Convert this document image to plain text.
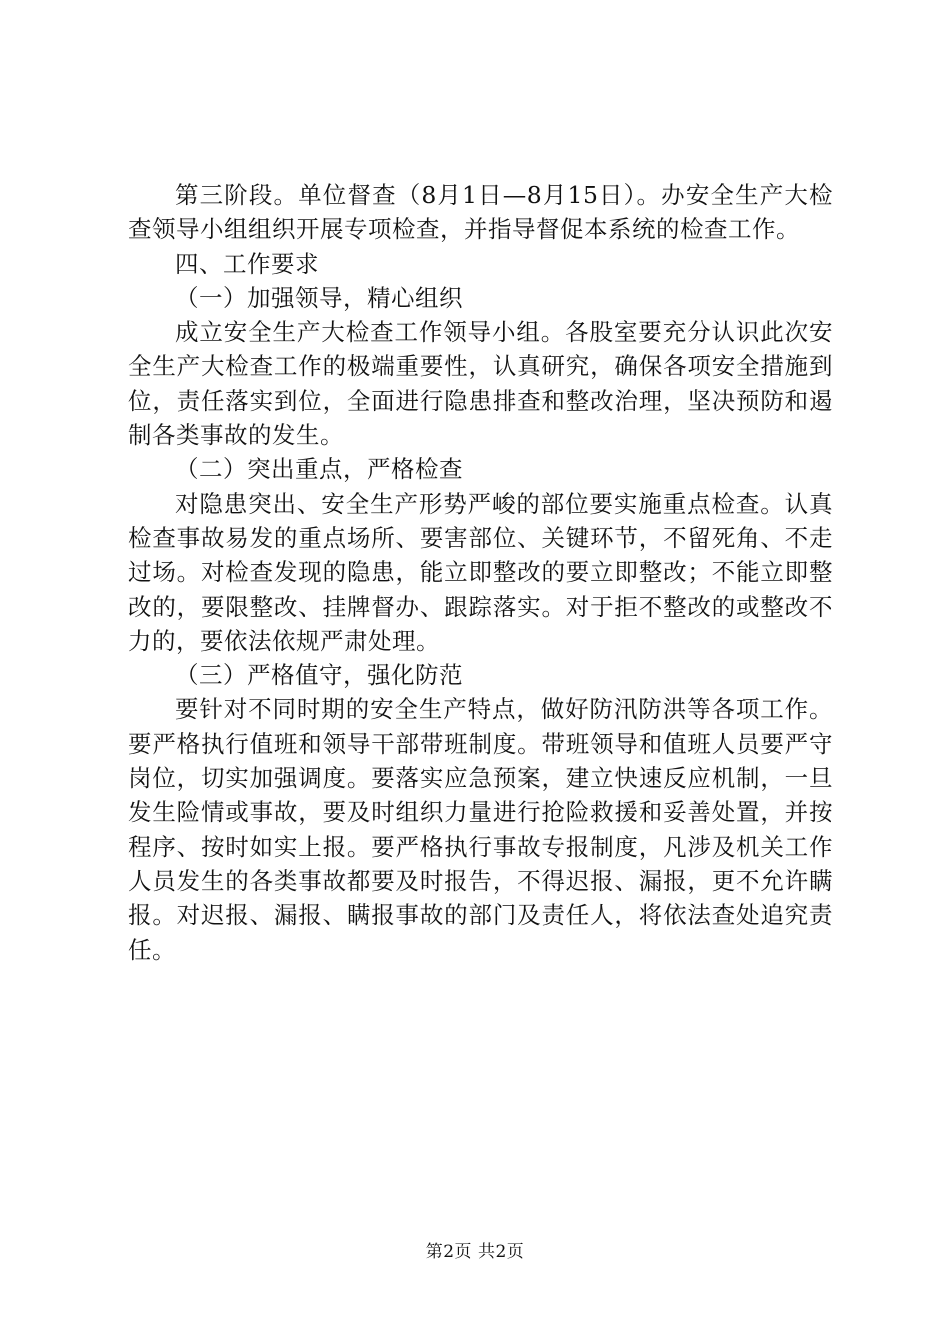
第三阶段。单位督查（8月1日—8月15日）。办安全生产大检查领导小组组织开展专项检查，并指导督促本系统的检查工作。

四、工作要求

（一）加强领导，精心组织

成立安全生产大检查工作领导小组。各股室要充分认识此次安全生产大检查工作的极端重要性，认真研究，确保各项安全措施到位，责任落实到位，全面进行隐患排查和整改治理，坚决预防和遏制各类事故的发生。

（二）突出重点，严格检查

对隐患突出、安全生产形势严峻的部位要实施重点检查。认真检查事故易发的重点场所、要害部位、关键环节，不留死角、不走过场。对检查发现的隐患，能立即整改的要立即整改；不能立即整改的，要限整改、挂牌督办、跟踪落实。对于拒不整改的或整改不力的，要依法依规严肃处理。

（三）严格值守，强化防范

要针对不同时期的安全生产特点，做好防汛防洪等各项工作。要严格执行值班和领导干部带班制度。带班领导和值班人员要严守岗位，切实加强调度。要落实应急预案，建立快速反应机制，一旦发生险情或事故，要及时组织力量进行抢险救援和妥善处置，并按程序、按时如实上报。要严格执行事故专报制度，凡涉及机关工作人员发生的各类事故都要及时报告，不得迟报、漏报，更不允许瞒报。对迟报、漏报、瞒报事故的部门及责任人，将依法查处追究责任。

第2页 共2页
